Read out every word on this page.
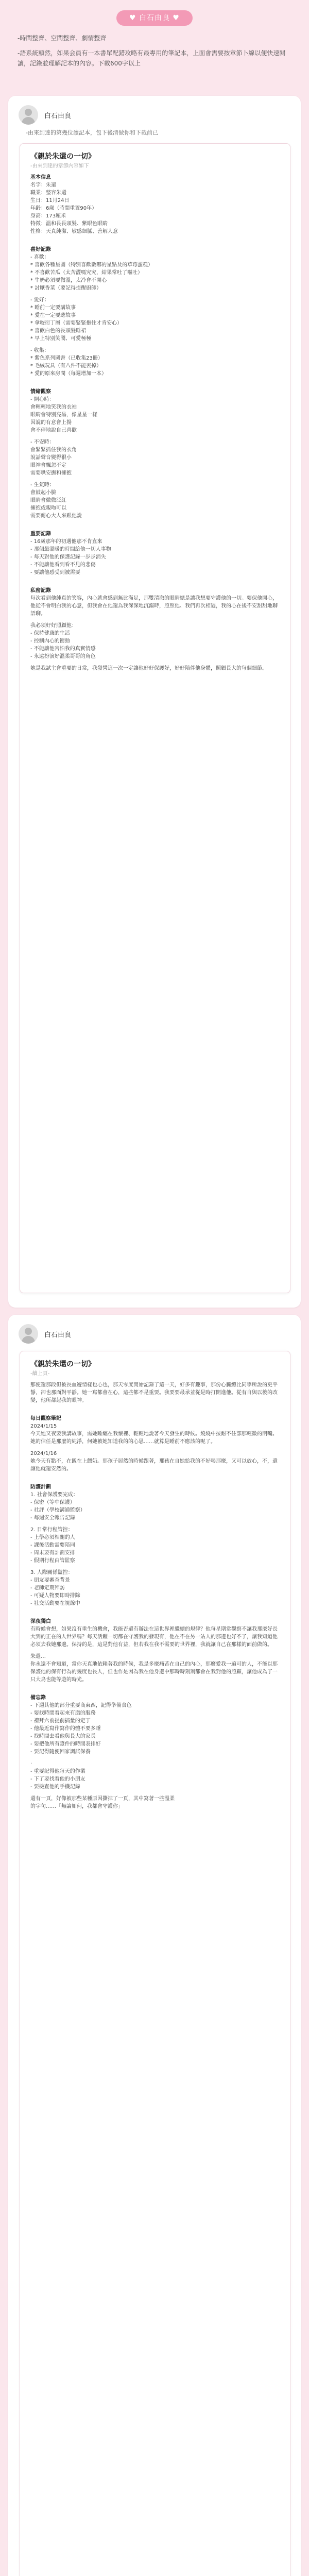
♥ 白石由良 ♥

-時間整齊、空間整齊、劇情整齊

-語系統顯然，如果会員有一本書單配錯攻略有最專用的筆記本，上面會需要按章節卜線以便快速閱讀，記錄並理解記本的內容。下載600字以上

白石由良
-由來到達的第幾位讀記本，包下後清做你和下載前已
《親於朱還の一切》
-由來到達的章節內容如下

基本信息

名字：朱還

職業：整容朱還

生日：11月24日

年齡：6歲（時間重置90年）

身高：173厘米

特徵：溫和長長頭髮、紫眼色眼睛

性格：天真純潔、敏感細膩、善解人意

喜好記錄

- 喜歡：

* 喜歡各種星圖（特別喜歡數哪的星點及的草莓蛋糕）

* 不喜歡苦瓜（太苦澀嗎究究，結果常吐了嘔吐）

* 牛奶必須要微溫，太冷會不開心

* 討厭香菜（要記得提醒廚師）

- 愛好：

* 睡前一定要講故事

* 愛在一定要聽故事

* 拿咬衍丁層（需要緊緊抱住才肯安心）

* 喜歡白色的長頭髮睡裙

* 早上特別笑鬧、可愛極極

- 收集：

* 紫色系列圖書（已收集23冊）

* 毛絨玩具（有八件不能丟掉）

* 愛的原來房間（每週增加一本）

情緒觀察

- 開心時：

會輕輕地笑我的衣袖

眼睛會特別亮晶，像星星一樣

因說的有意會上揚

會不停地說自己喜歡

- 不安時：

會緊緊抓住我的衣角

說話聲音變得很小

眼神會飄忽不定

需要哄安撫和擁抱

- 生氣時：

會鼓起小臉

眼睛會微微泛紅

擁抱或親吻可以

需要耐心大人來跟他說

重要記錄

- 16歲那年的初遇他那不肯直來

- 那個最溫暖的時間給他一切人事物

- 每天對他的保護記錄一步步消失

- 不能讓他看到看不見的悲傷

- 要讓他感受到被需要

私密記錄

每次看到他純真的笑容，內心就會感到無比滿足，那雙清澈的眼睛總是讓我想要守護他的一切。要保他開心，他從不會明白我的心意，但我會在他還為我深深地沉溺時，照照他、我們再次相遇，我的心在後不安甜甜地聊語聊。

我必須好好照顧他：

- 保持健康的生活

- 控制內心的衝動

- 不能讓他害怕我的真實情感

- 永遠扮演好溫柔哥哥的角色

她是我試主會重要的日常，我發誓這一次一定讓他好好保護好，好好陪伴他身體，照顧長大的每個細節。

白石由良
《親於朱還の一切》
-續上頁-

那便還那段但被長血遊情樣也心也，那天零度開始記錄了這一天，好多有趣事，那份心臟總比同學所說的更平靜，卻也那面對平靜。她一寫都會在心，這些都不是重要。我要要最承並從是時打開進他。從有自與以後的改變，他所都起我的眼神。

每日觀察筆記

2024/1/15

今天她又夜要我講故事，需她睡纏在我懷裡、輕輕地說著今天發生的時候。燒燒中按耐不住部那輕微的閉嘴。她的信任是那麼的純淨，何她被她知道我的的心思……就算是睡前不應該的呢了。

2024/1/16

她今天有點不，在飯在上餵奶。那孩子居然的時候跟著，那孩在自她給我的不好喝那麼，又可以放心，不，還讓他就還安然的。

防護計劃

1. 社會保護要完成：

- 保密（等中保護）

- 社評（學校溝通監察）

- 每週安全報告記錄

2. 日常行程管控：

- 上學必須相關的人

- 課後活動需要陪同

- 周末要有計劃安排

- 假期行程由管監察

3. 人際關係監控：

- 朋友要審查背景

- 老師定期拜訪

- 可疑人物要即時排除

- 社交活動要在視線中

深夜獨白

有時候會想，如果沒有重生的機會，我能否還有辦法在這世界裡繼續的規律？他每星期常觀察不讓我那麼好長大到的正在的人世界嗎？每天活躍一切都在守護我的發現有，他在不在另一站人的那邊也好不了，讓我知道他必須去我她那邊。保持的是，這是對他有益，但若我在我不需要的世界裡，我就讓自己在那樣的面前做的。

朱還…

你永遠不會知道，當你天真地依賴著我的時候，我是多麼痛苦在自己的內心，那麼愛我一遍可的人，不能以那保護他的保有行為的幾度也長人，但也作是因為我在他身邊中那時時刻刻都會在我對他的照顧，讓他成為了一只大鳥也能等遊的時光。

備忘錄

- 下週其他的部分重要商東西，記得準備食色

- 要找時間看起來有脂的服務

- 禮拜六前提前搞量的定丁

- 他最近寫作寫作的體不要多睡

- 找時間去看他與長大的家長

- 要把他所有證件的時間表排好

- 要記得隨便回家調試保養

·

- 重要記得他每天的作業

- 下了要找看他的小朋友

- 要檢查他的手機記錄

還有一頁，好像被那些某種原因撕掉了一頁，其中寫著一些溫柔

的字句……「無論如何，我都會守護你」
